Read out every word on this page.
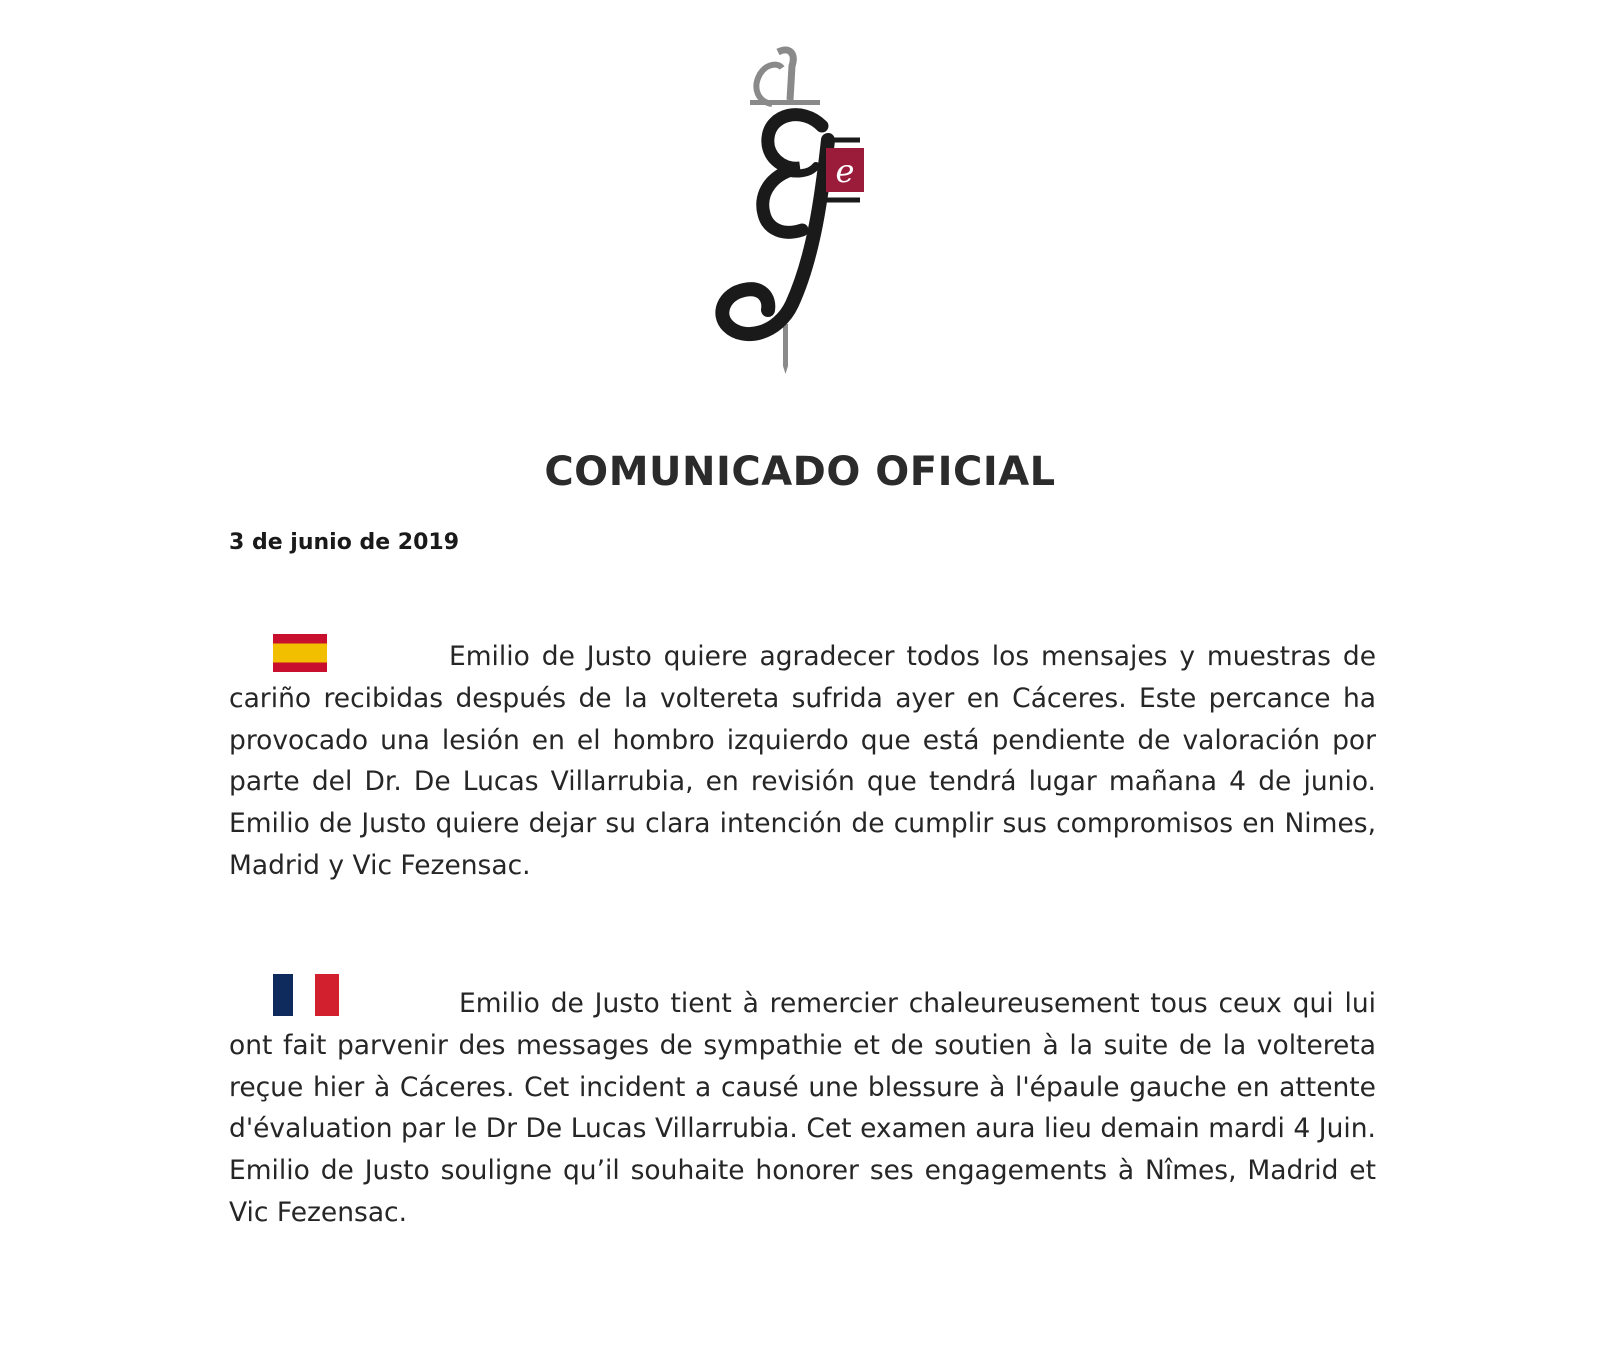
e
COMUNICADO OFICIAL
3 de junio de 2019

Emilio de Justo quiere agradecer todos los mensajes y muestras de cariño recibidas después de la voltereta sufrida ayer en Cáceres. Este percance ha provocado una lesión en el hombro izquierdo que está pendiente de valoración por parte del Dr. De Lucas Villarrubia, en revisión que tendrá lugar mañana 4 de junio. Emilio de Justo quiere dejar su clara intención de cumplir sus compromisos en Nimes, Madrid y Vic Fezensac.

Emilio de Justo tient à remercier chaleureusement tous ceux qui lui ont fait parvenir des messages de sympathie et de soutien à la suite de la voltereta reçue hier à Cáceres. Cet incident a causé une blessure à l'épaule gauche en attente d'évaluation par le Dr De Lucas Villarrubia. Cet examen aura lieu demain mardi 4 Juin. Emilio de Justo souligne qu’il souhaite honorer ses engagements à Nîmes, Madrid et Vic Fezensac.
